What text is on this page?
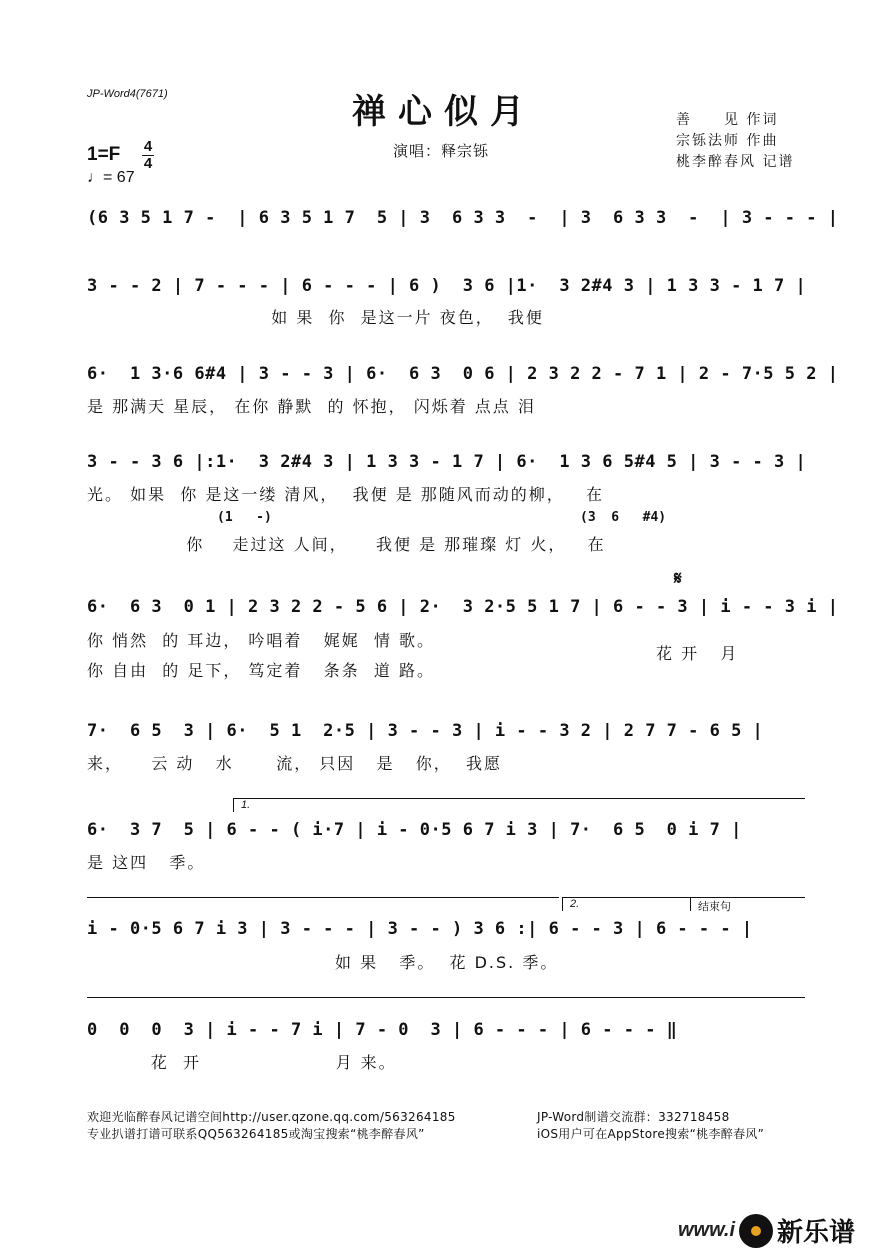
JP-Word4(7671)	禅心似月
演唱：释宗铄
善　　见 作词
宗铄法师 作曲
桃李醉春风 记谱
1=F 4
4
♩= 67
(6 3 5 1 7 -  | 6 3 5 1 7  5 | 3  6 3 3  -  | 3  6 3 3  -  | 3 - - - |
3 - - 2 | 7 - - - | 6 - - - | 6 )  3 6 |1·  3 2#4 3 | 1 3 3 - 1 7 |
如 果  你  是这一片 夜色，  我便
6·  1 3·6 6#4 | 3 - - 3 | 6·  6 3  0 6 | 2 3 2 2 - 7 1 | 2 - 7·5 5 2 |
是 那满天 星辰， 在你 静默  的 怀抱， 闪烁着 点点 泪
3 - - 3 6 |:1·  3 2#4 3 | 1 3 3 - 1 7 | 6·  1 3 6 5#4 5 | 3 - - 3 |
光。 如果  你 是这一缕 清风，  我便 是 那随风而动的柳，   在
(1   -)	(3  6   #4)
你    走过这 人间，    我便 是 那璀璨 灯 火，   在
𝄋
6·  6 3  0 1 | 2 3 2 2 - 5 6 | 2·  3 2·5 5 1 7 | 6 - - 3 | i - - 3 i |
你 悄然  的 耳边， 吟唱着   娓娓  情 歌。
你 自由  的 足下， 笃定着   条条  道 路。
花 开   月
7·  6 5  3 | 6·  5 1  2·5 | 3 - - 3 | i - - 3 2 | 2 7 7 - 6 5 |
来，    云 动   水      流， 只因   是   你，  我愿
1.
6·  3 7  5 | 6 - - ( i·7 | i - 0·5 6 7 i 3 | 7·  6 5  0 i 7 |
是 这四   季。
2.	结束句
i - 0·5 6 7 i 3 | 3 - - - | 3 - - ) 3 6 :| 6 - - 3 | 6 - - - |
如 果   季。  花 D.S. 季。
0  0  0  3 | i - - 7 i | 7 - 0  3 | 6 - - - | 6 - - - ‖
花  开                   月 来。
欢迎光临醉春风记谱空间http://user.qzone.qq.com/563264185
专业扒谱打谱可联系QQ563264185或淘宝搜索“桃李醉春风”
JP-Word制谱交流群：332718458
iOS用户可在AppStore搜索“桃李醉春风”
www.i 新乐谱
